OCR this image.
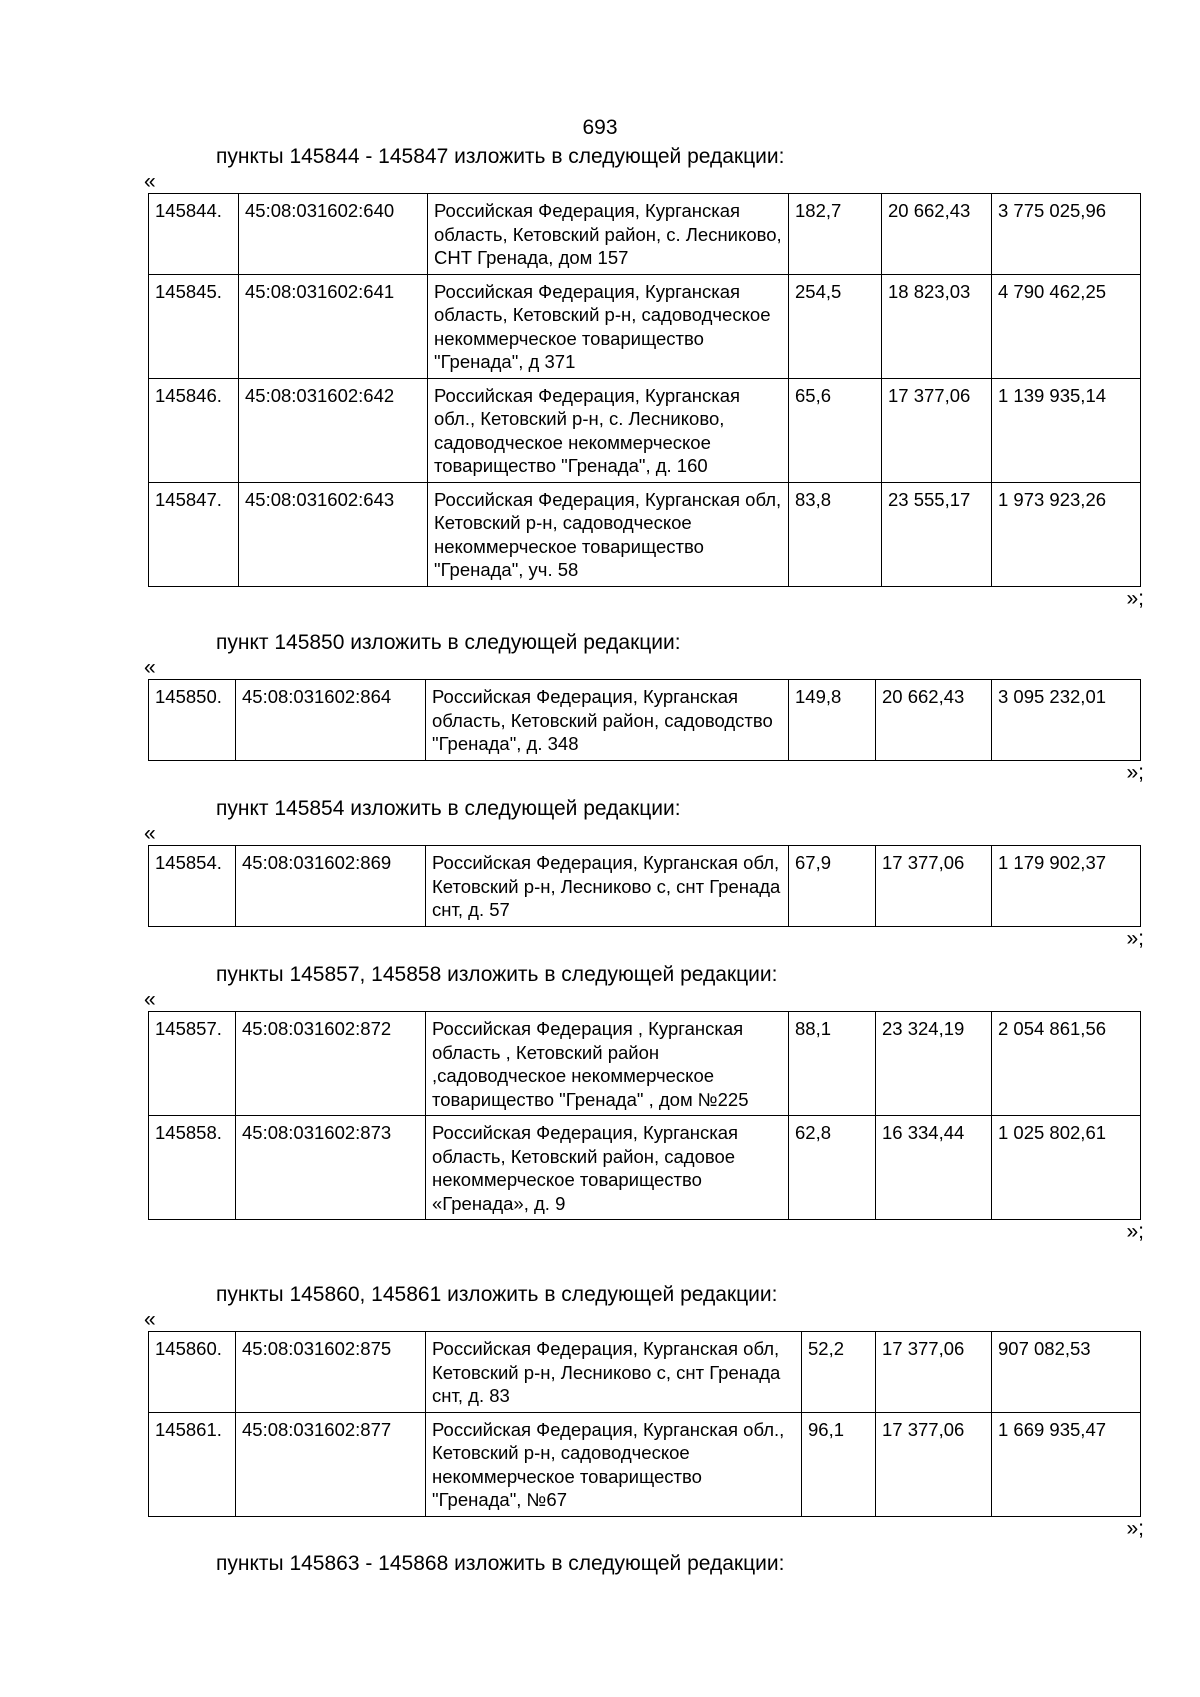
693
пункты 145844 - 145847 изложить в следующей редакции:
«
145844.	45:08:031602:640	Российская Федерация, Курганская область, Кетовский район, с. Лесниково, СНТ Гренада, дом 157	182,7	20 662,43	3 775 025,96
145845.	45:08:031602:641	Российская Федерация, Курганская область, Кетовский р-н, садоводческое некоммерческое товарищество "Гренада", д 371	254,5	18 823,03	4 790 462,25
145846.	45:08:031602:642	Российская Федерация, Курганская обл., Кетовский р-н, с. Лесниково, садоводческое некоммерческое товарищество "Гренада", д. 160	65,6	17 377,06	1 139 935,14
145847.	45:08:031602:643	Российская Федерация, Курганская обл, Кетовский р-н, садоводческое некоммерческое товарищество "Гренада", уч. 58	83,8	23 555,17	1 973 923,26
»;
пункт 145850 изложить в следующей редакции:
«
145850.	45:08:031602:864	Российская Федерация, Курганская область, Кетовский район, садоводство "Гренада", д. 348	149,8	20 662,43	3 095 232,01
»;
пункт 145854 изложить в следующей редакции:
«
145854.	45:08:031602:869	Российская Федерация, Курганская обл, Кетовский р-н, Лесниково с, снт Гренада снт, д. 57	67,9	17 377,06	1 179 902,37
»;
пункты 145857, 145858 изложить в следующей редакции:
«
145857.	45:08:031602:872	Российская Федерация , Курганская область , Кетовский район ,садоводческое некоммерческое товарищество "Гренада" , дом №225	88,1	23 324,19	2 054 861,56
145858.	45:08:031602:873	Российская Федерация, Курганская область, Кетовский район, садовое некоммерческое товарищество «Гренада», д. 9	62,8	16 334,44	1 025 802,61
»;
пункты 145860, 145861 изложить в следующей редакции:
«
145860.	45:08:031602:875	Российская Федерация, Курганская обл, Кетовский р-н, Лесниково с, снт Гренада снт, д. 83	52,2	17 377,06	907 082,53
145861.	45:08:031602:877	Российская Федерация, Курганская обл., Кетовский р-н, садоводческое некоммерческое товарищество "Гренада", №67	96,1	17 377,06	1 669 935,47
»;
пункты 145863 - 145868 изложить в следующей редакции:
